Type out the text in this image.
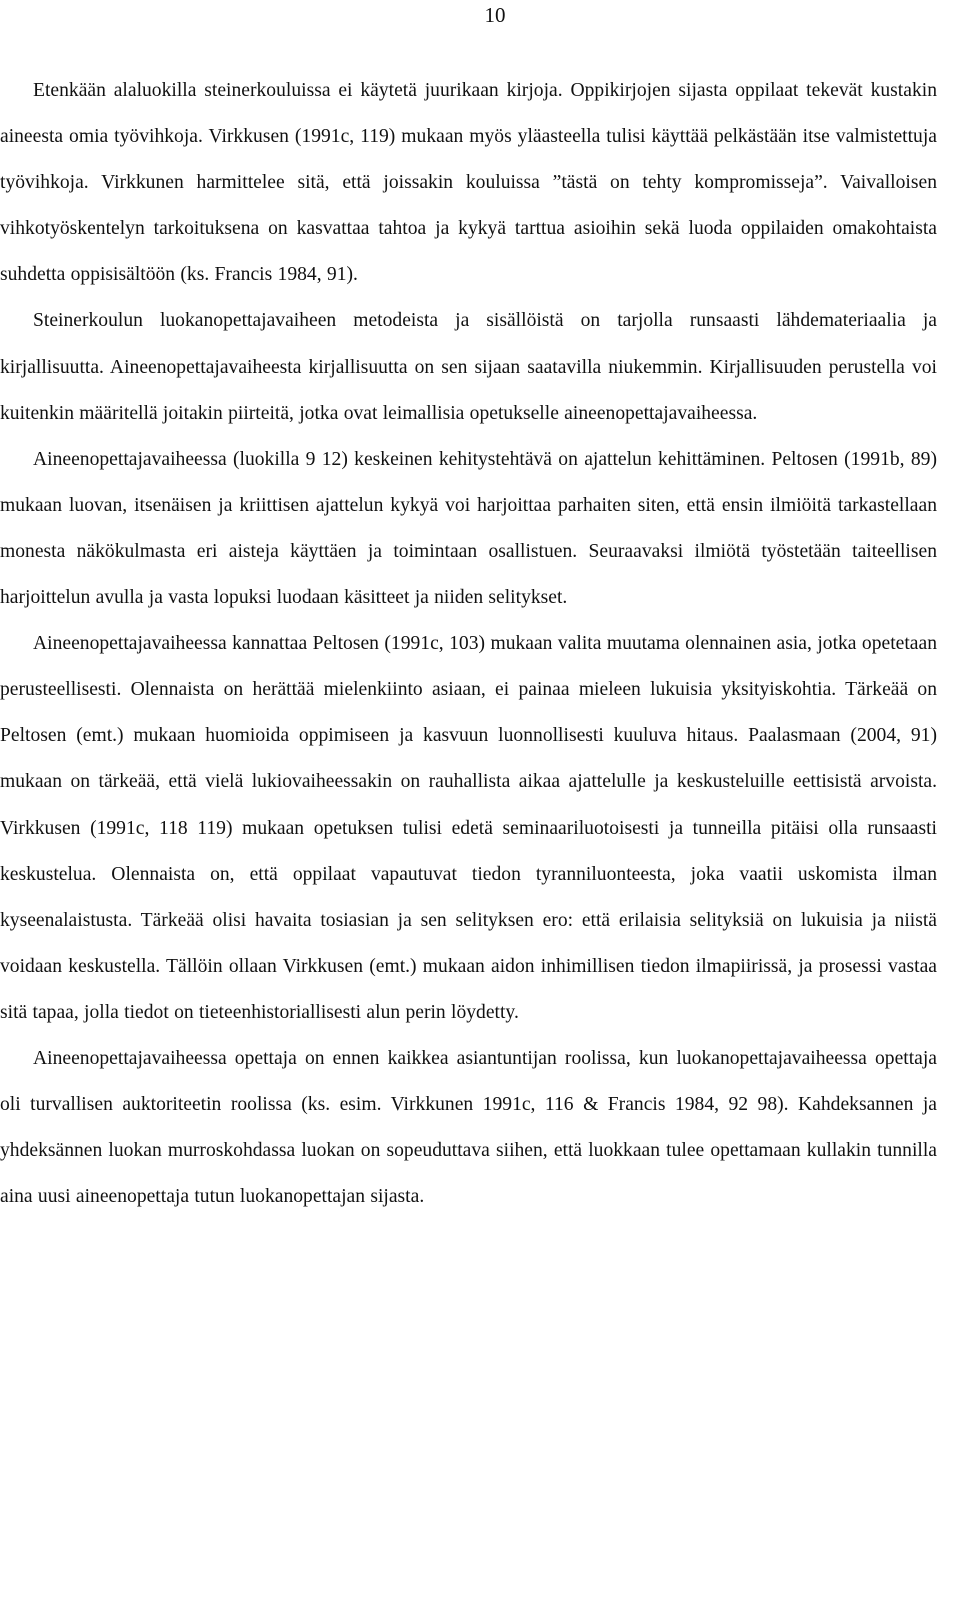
10

Etenkään alaluokilla steinerkouluissa ei käytetä juurikaan kirjoja. Oppikirjojen sijasta oppilaat tekevät kustakin aineesta omia työvihkoja. Virkkusen (1991c, 119) mukaan myös yläasteella tulisi käyttää pelkästään itse valmistettuja työvihkoja. Virkkunen harmittelee sitä, että joissakin kouluissa ”tästä on tehty kompromisseja”. Vaivalloisen vihkotyöskentelyn tarkoituksena on kasvattaa tahtoa ja kykyä tarttua asioihin sekä luoda oppilaiden omakohtaista suhdetta oppisisältöön (ks. Francis 1984, 91).

Steinerkoulun luokanopettajavaiheen metodeista ja sisällöistä on tarjolla runsaasti lähdemateriaalia ja kirjallisuutta. Aineenopettajavaiheesta kirjallisuutta on sen sijaan saatavilla niukemmin. Kirjallisuuden perustella voi kuitenkin määritellä joitakin piirteitä, jotka ovat leimallisia opetukselle aineenopettajavaiheessa.

Aineenopettajavaiheessa (luokilla 9 12) keskeinen kehitystehtävä on ajattelun kehittäminen. Peltosen (1991b, 89) mukaan luovan, itsenäisen ja kriittisen ajattelun kykyä voi harjoittaa parhaiten siten, että ensin ilmiöitä tarkastellaan monesta näkökulmasta eri aisteja käyttäen ja toimintaan osallistuen. Seuraavaksi ilmiötä työstetään taiteellisen harjoittelun avulla ja vasta lopuksi luodaan käsitteet ja niiden selitykset.

Aineenopettajavaiheessa kannattaa Peltosen (1991c, 103) mukaan valita muutama olennainen asia, jotka opetetaan perusteellisesti. Olennaista on herättää mielenkiinto asiaan, ei painaa mieleen lukuisia yksityiskohtia. Tärkeää on Peltosen (emt.) mukaan huomioida oppimiseen ja kasvuun luonnollisesti kuuluva hitaus. Paalasmaan (2004, 91) mukaan on tärkeää, että vielä lukiovaiheessakin on rauhallista aikaa ajattelulle ja keskusteluille eettisistä arvoista. Virkkusen (1991c, 118 119) mukaan opetuksen tulisi edetä seminaariluotoisesti ja tunneilla pitäisi olla runsaasti keskustelua. Olennaista on, että oppilaat vapautuvat tiedon tyranniluonteesta, joka vaatii uskomista ilman kyseenalaistusta. Tärkeää olisi havaita tosiasian ja sen selityksen ero: että erilaisia selityksiä on lukuisia ja niistä voidaan keskustella. Tällöin ollaan Virkkusen (emt.) mukaan aidon inhimillisen tiedon ilmapiirissä, ja prosessi vastaa sitä tapaa, jolla tiedot on tieteenhistoriallisesti alun perin löydetty.

Aineenopettajavaiheessa opettaja on ennen kaikkea asiantuntijan roolissa, kun luokanopettajavaiheessa opettaja oli turvallisen auktoriteetin roolissa (ks. esim. Virkkunen 1991c, 116 & Francis 1984, 92 98). Kahdeksannen ja yhdeksännen luokan murroskohdassa luokan on sopeuduttava siihen, että luokkaan tulee opettamaan kullakin tunnilla aina uusi aineenopettaja tutun luokanopettajan sijasta.
